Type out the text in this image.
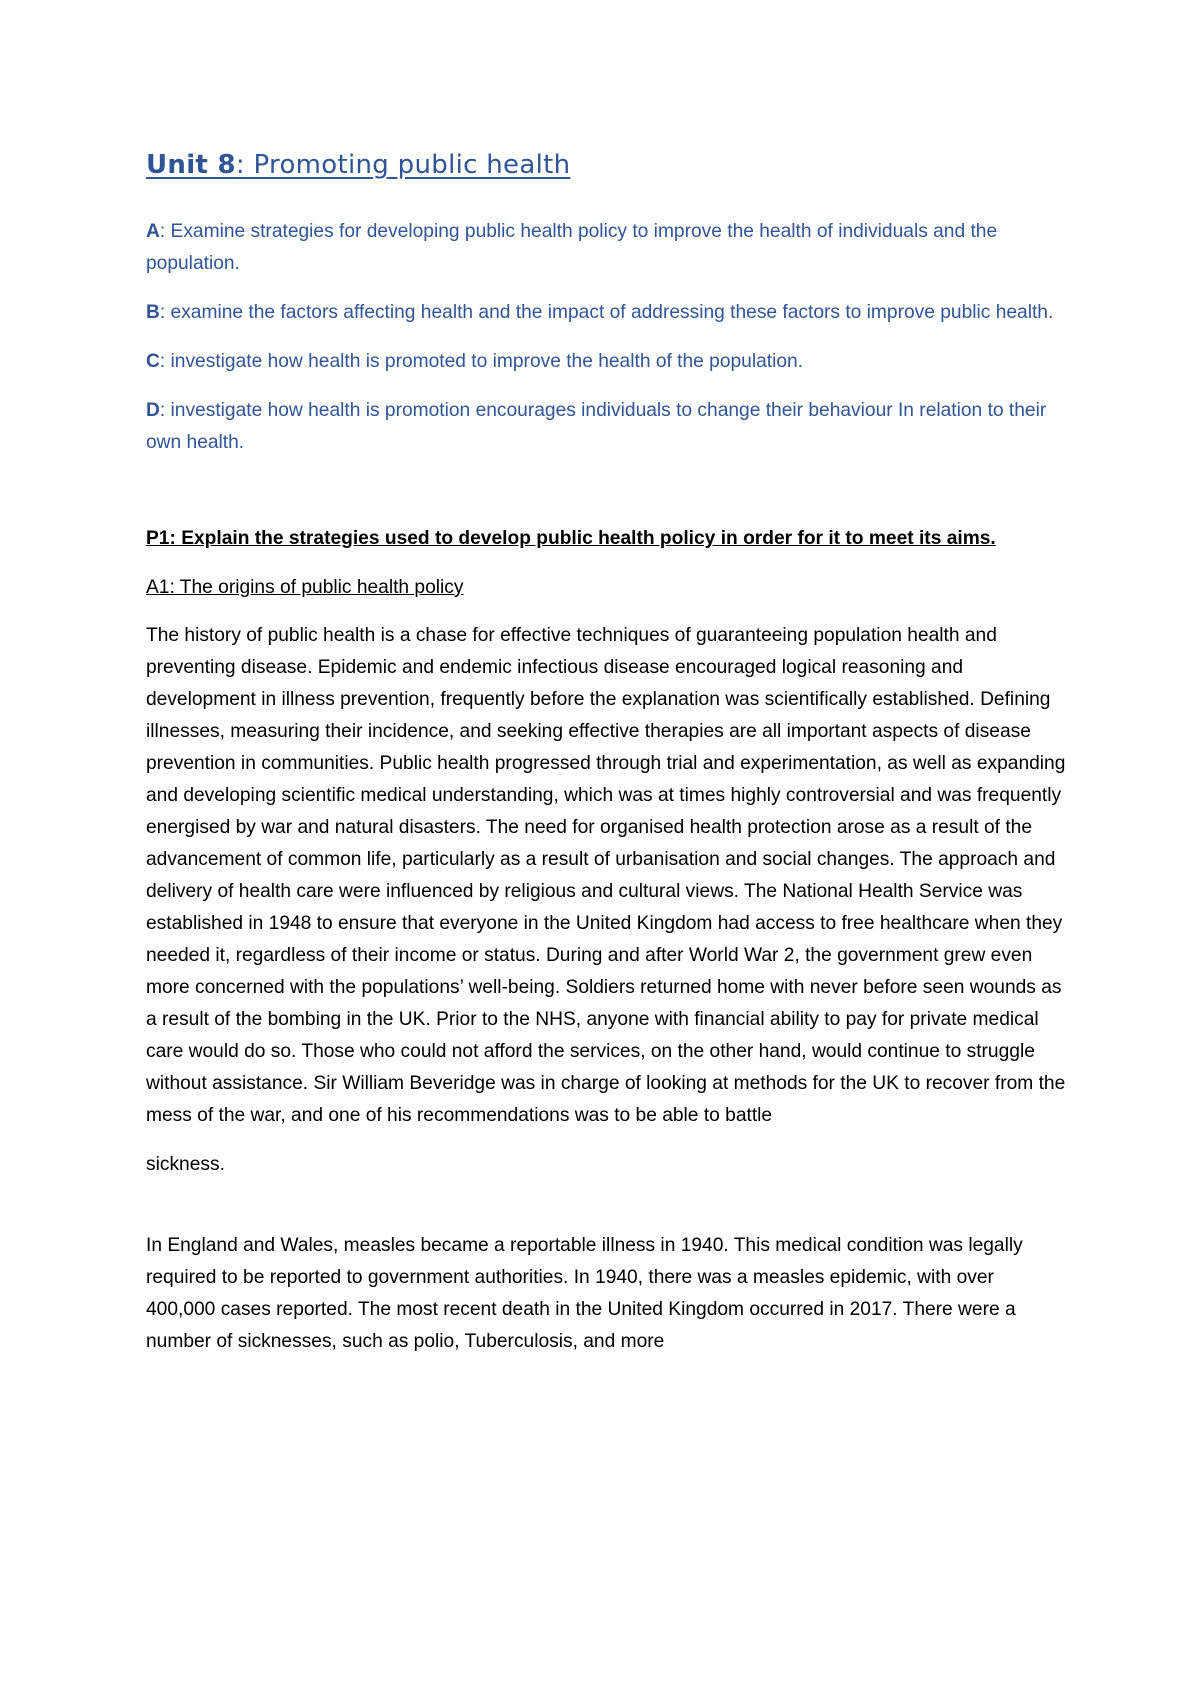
Unit 8: Promoting public health

A: Examine strategies for developing public health policy to improve the health of individuals and the population.

B: examine the factors affecting health and the impact of addressing these factors to improve public health.

C: investigate how health is promoted to improve the health of the population.

D: investigate how health is promotion encourages individuals to change their behaviour In relation to their own health.

P1: Explain the strategies used to develop public health policy in order for it to meet its aims.

A1: The origins of public health policy

The history of public health is a chase for effective techniques of guaranteeing population health and preventing disease. Epidemic and endemic infectious disease encouraged logical reasoning and development in illness prevention, frequently before the explanation was scientifically established. Defining illnesses, measuring their incidence, and seeking effective therapies are all important aspects of disease prevention in communities. Public health progressed through trial and experimentation, as well as expanding and developing scientific medical understanding, which was at times highly controversial and was frequently energised by war and natural disasters. The need for organised health protection arose as a result of the advancement of common life, particularly as a result of urbanisation and social changes. The approach and delivery of health care were influenced by religious and cultural views. The National Health Service was established in 1948 to ensure that everyone in the United Kingdom had access to free healthcare when they needed it, regardless of their income or status. During and after World War 2, the government grew even more concerned with the populations’ well-being. Soldiers returned home with never before seen wounds as a result of the bombing in the UK. Prior to the NHS, anyone with financial ability to pay for private medical care would do so. Those who could not afford the services, on the other hand, would continue to struggle without assistance. Sir William Beveridge was in charge of looking at methods for the UK to recover from the mess of the war, and one of his recommendations was to be able to battle

sickness.

In England and Wales, measles became a reportable illness in 1940. This medical condition was legally required to be reported to government authorities. In 1940, there was a measles epidemic, with over 400,000 cases reported. The most recent death in the United Kingdom occurred in 2017. There were a number of sicknesses, such as polio, Tuberculosis, and more
